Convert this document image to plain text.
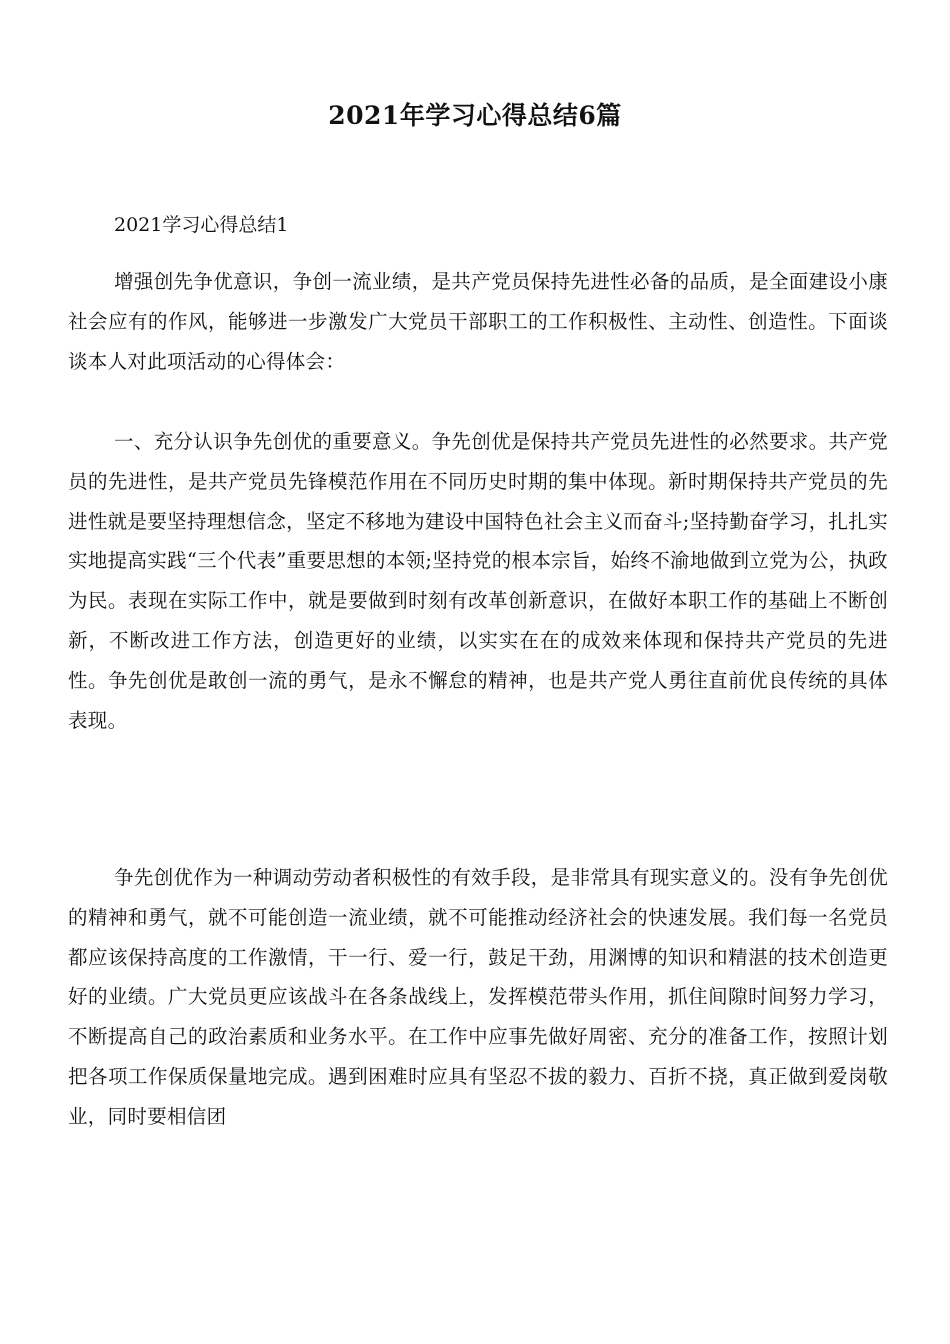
2021年学习心得总结6篇

2021学习心得总结1

增强创先争优意识，争创一流业绩，是共产党员保持先进性必备的品质，是全面建设小康社会应有的作风，能够进一步激发广大党员干部职工的工作积极性、主动性、创造性。下面谈谈本人对此项活动的心得体会：

一、充分认识争先创优的重要意义。争先创优是保持共产党员先进性的必然要求。共产党员的先进性，是共产党员先锋模范作用在不同历史时期的集中体现。新时期保持共产党员的先进性就是要坚持理想信念，坚定不移地为建设中国特色社会主义而奋斗;坚持勤奋学习，扎扎实实地提高实践“三个代表”重要思想的本领;坚持党的根本宗旨，始终不渝地做到立党为公，执政为民。表现在实际工作中，就是要做到时刻有改革创新意识，在做好本职工作的基础上不断创新，不断改进工作方法，创造更好的业绩，以实实在在的成效来体现和保持共产党员的先进性。争先创优是敢创一流的勇气，是永不懈怠的精神，也是共产党人勇往直前优良传统的具体表现。

争先创优作为一种调动劳动者积极性的有效手段，是非常具有现实意义的。没有争先创优的精神和勇气，就不可能创造一流业绩，就不可能推动经济社会的快速发展。我们每一名党员都应该保持高度的工作激情，干一行、爱一行，鼓足干劲，用渊博的知识和精湛的技术创造更好的业绩。广大党员更应该战斗在各条战线上，发挥模范带头作用，抓住间隙时间努力学习，不断提高自己的政治素质和业务水平。在工作中应事先做好周密、充分的准备工作，按照计划把各项工作保质保量地完成。遇到困难时应具有坚忍不拔的毅力、百折不挠，真正做到爱岗敬业，同时要相信团
